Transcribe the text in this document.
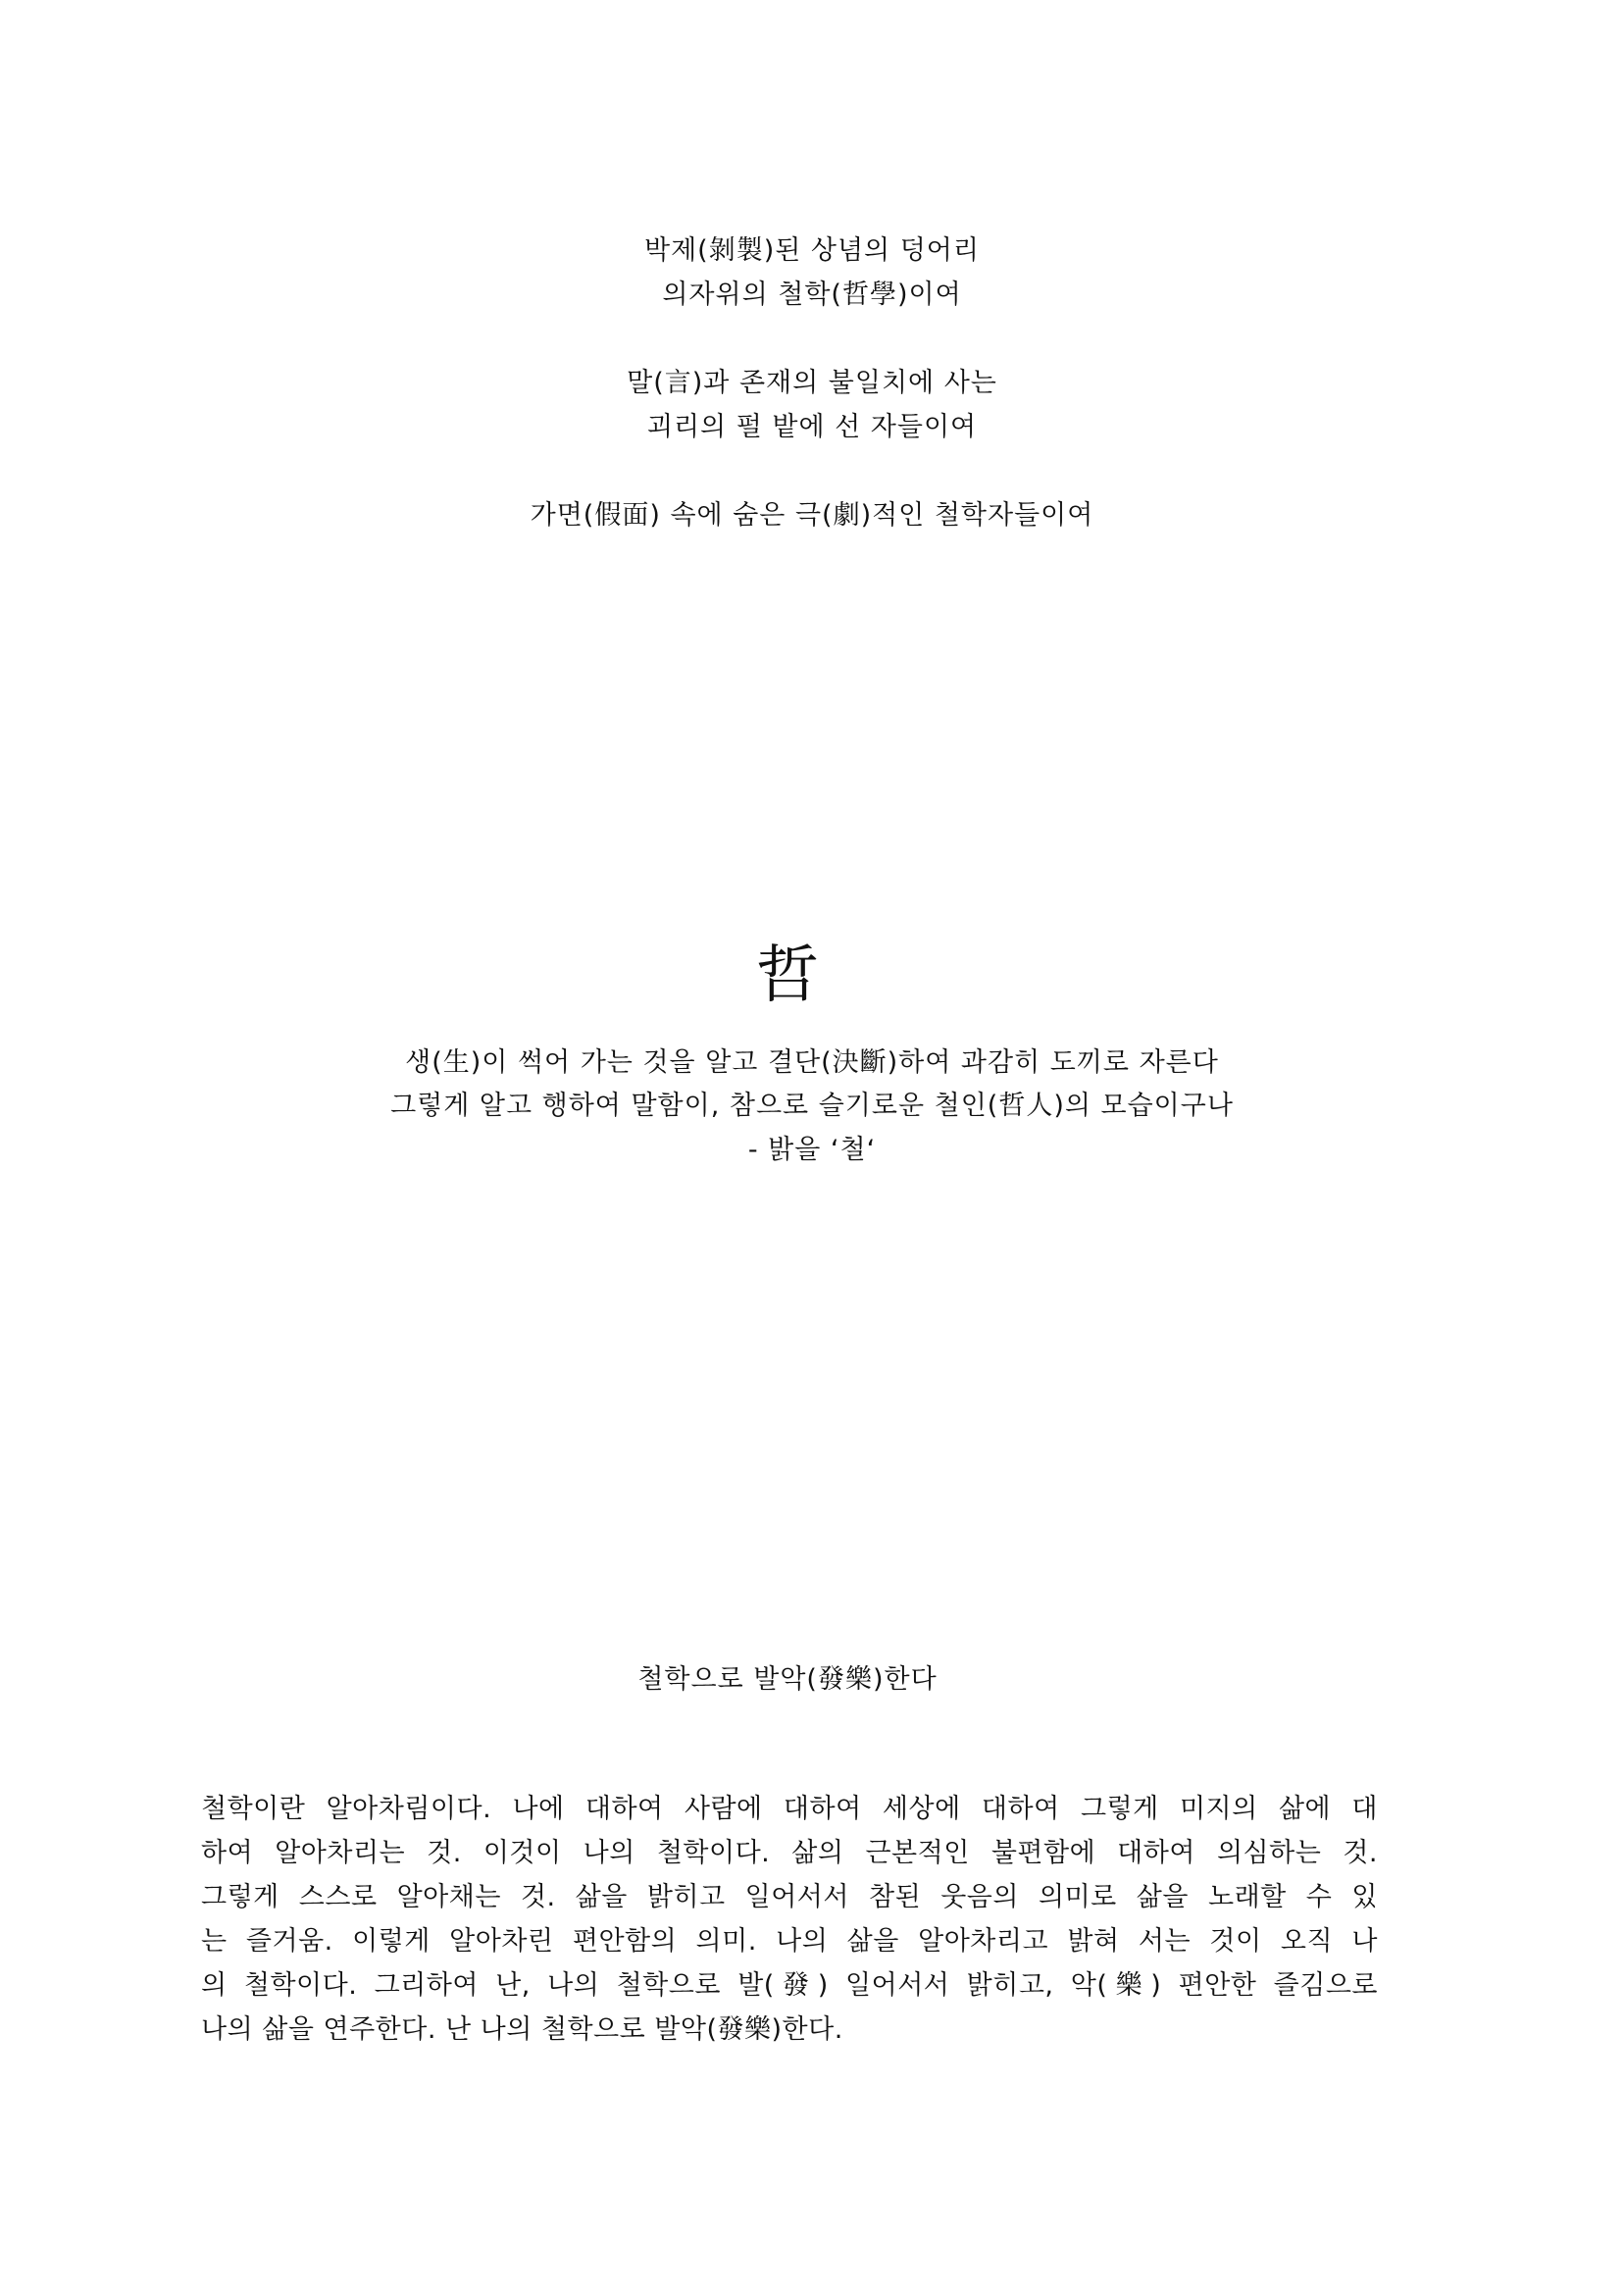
박제(剝製)된 상념의 덩어리
의자위의 철학(哲學)이여
말(言)과 존재의 불일치에 사는
괴리의 펄 밭에 선 자들이여
가면(假面) 속에 숨은 극(劇)적인 철학자들이여
哲
생(生)이 썩어 가는 것을 알고 결단(決斷)하여 과감히 도끼로 자른다
그렇게 알고 행하여 말함이, 참으로 슬기로운 철인(哲人)의 모습이구나
- 밝을 ‘철‘
철학으로 발악(發樂)한다
철학이란 알아차림이다. 나에 대하여 사람에 대하여 세상에 대하여 그렇게 미지의 삶에 대
하여 알아차리는 것. 이것이 나의 철학이다. 삶의 근본적인 불편함에 대하여 의심하는 것.
그렇게 스스로 알아채는 것. 삶을 밝히고 일어서서 참된 웃음의 의미로 삶을 노래할 수 있
는 즐거움. 이렇게 알아차린 편안함의 의미. 나의 삶을 알아차리고 밝혀 서는 것이 오직 나
의 철학이다. 그리하여 난, 나의 철학으로 발(發) 일어서서 밝히고, 악(樂) 편안한 즐김으로
나의 삶을 연주한다. 난 나의 철학으로 발악(發樂)한다.
